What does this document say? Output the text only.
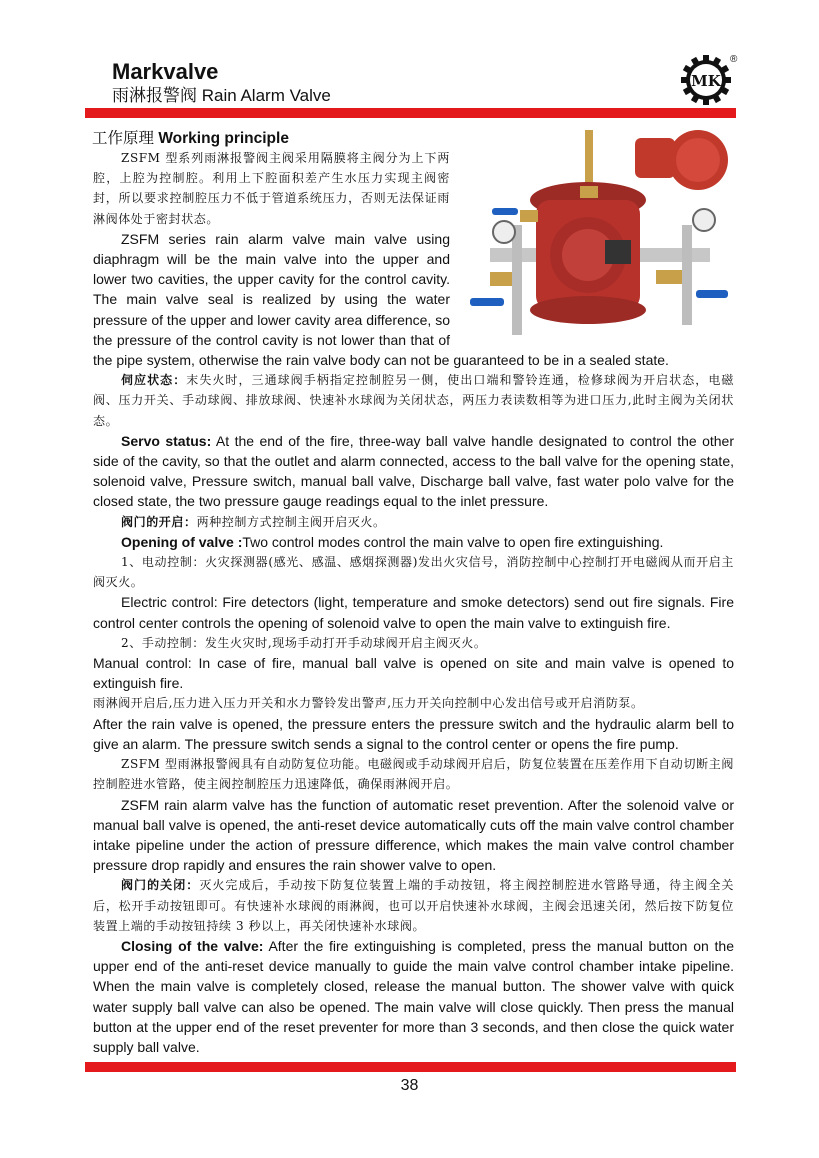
Markvalve
雨淋报警阀 Rain Alarm Valve
MK
®
工作原理 Working principle

ZSFM 型系列雨淋报警阀主阀采用隔膜将主阀分为上下两腔，上腔为控制腔。利用上下腔面积差产生水压力实现主阀密封，所以要求控制腔压力不低于管道系统压力，否则无法保证雨淋阀体处于密封状态。

ZSFM series rain alarm valve main valve using diaphragm will be the main valve into the upper and lower two cavities, the upper cavity for the control cavity. The main valve seal is realized by using the water pressure of the upper and lower cavity area difference, so the pressure of the control cavity is not lower than that of the pipe system, otherwise the rain valve body can not be guaranteed to be in a sealed state.

伺应状态：末失火时，三通球阀手柄指定控制腔另一侧，使出口端和警铃连通，检修球阀为开启状态，电磁阀、压力开关、手动球阀、排放球阀、快速补水球阀为关闭状态，两压力表读数相等为进口压力,此时主阀为关闭状态。

Servo status: At the end of the fire, three-way ball valve handle designated to control the other side of the cavity, so that the outlet and alarm connected, access to the ball valve for the opening state, solenoid valve, Pressure switch, manual ball valve, Discharge ball valve, fast water polo valve for the closed state, the two pressure gauge readings equal to the inlet pressure.

阀门的开启：两种控制方式控制主阀开启灭火。

Opening of valve :Two control modes control the main valve to open fire extinguishing.

1、电动控制：火灾探测器(感光、感温、感烟探测器)发出火灾信号，消防控制中心控制打开电磁阀从而开启主阀灭火。

Electric control: Fire detectors (light, temperature and smoke detectors) send out fire signals. Fire control center controls the opening of solenoid valve to open the main valve to extinguish fire.

2、手动控制：发生火灾时,现场手动打开手动球阀开启主阀灭火。

Manual control: In case of fire, manual ball valve is opened on site and main valve is opened to extinguish fire.

雨淋阀开启后,压力进入压力开关和水力警铃发出警声,压力开关向控制中心发出信号或开启消防泵。

After the rain valve is opened, the pressure enters the pressure switch and the hydraulic alarm bell to give an alarm. The pressure switch sends a signal to the control center or opens the fire pump.

ZSFM 型雨淋报警阀具有自动防复位功能。电磁阀或手动球阀开启后，防复位装置在压差作用下自动切断主阀控制腔进水管路，使主阀控制腔压力迅速降低，确保雨淋阀开启。

ZSFM rain alarm valve has the function of automatic reset prevention. After the solenoid valve or manual ball valve is opened, the anti-reset device automatically cuts off the main valve control chamber intake pipeline under the action of pressure difference, which makes the main valve control chamber pressure drop rapidly and ensures the rain shower valve to open.

阀门的关闭：灭火完成后，手动按下防复位装置上端的手动按钮，将主阀控制腔进水管路导通，待主阀全关后，松开手动按钮即可。有快速补水球阀的雨淋阀，也可以开启快速补水球阀，主阀会迅速关闭，然后按下防复位装置上端的手动按钮持续 3 秒以上，再关闭快速补水球阀。

Closing of the valve: After the fire extinguishing is completed, press the manual button on the upper end of the anti-reset device manually to guide the main valve control chamber intake pipeline. When the main valve is completely closed, release the manual button. The shower valve with quick water supply ball valve can also be opened. The main valve will close quickly. Then press the manual button at the upper end of the reset preventer for more than 3 seconds, and then close the quick water supply ball valve.

38
